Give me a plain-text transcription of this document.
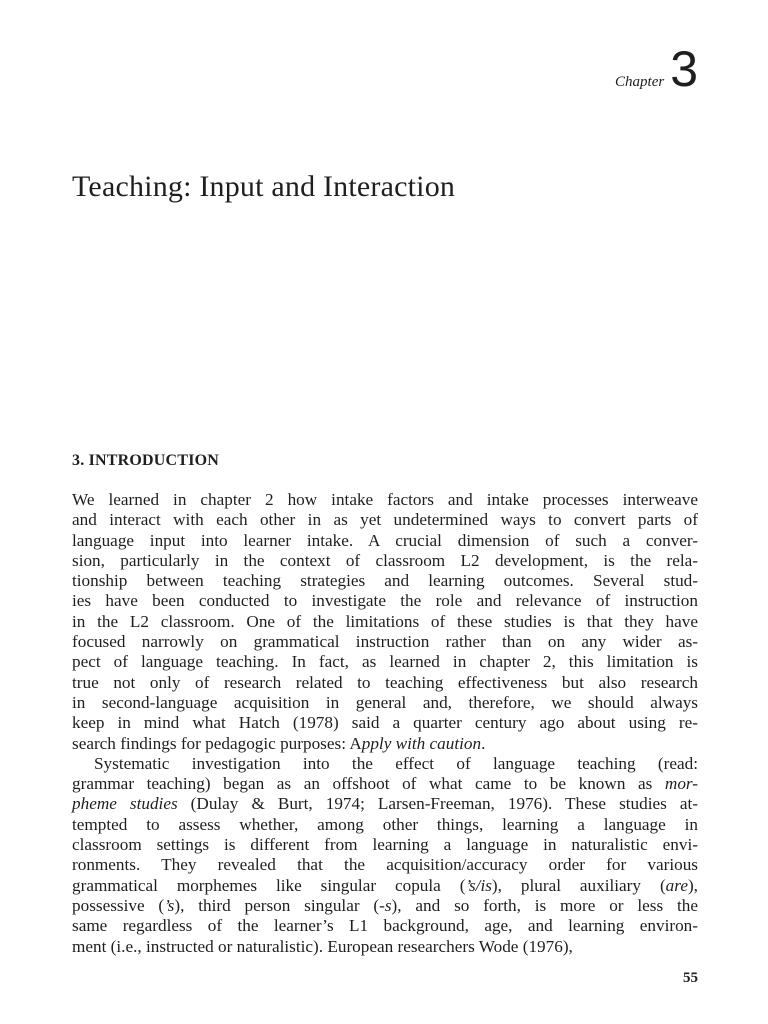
Chapter 3
Teaching: Input and Interaction
3. INTRODUCTION
We learned in chapter 2 how intake factors and intake processes interweave
and interact with each other in as yet undetermined ways to convert parts of
language input into learner intake. A crucial dimension of such a conver-
sion, particularly in the context of classroom L2 development, is the rela-
tionship between teaching strategies and learning outcomes. Several stud-
ies have been conducted to investigate the role and relevance of instruction
in the L2 classroom. One of the limitations of these studies is that they have
focused narrowly on grammatical instruction rather than on any wider as-
pect of language teaching. In fact, as learned in chapter 2, this limitation is
true not only of research related to teaching effectiveness but also research
in second-language acquisition in general and, therefore, we should always
keep in mind what Hatch (1978) said a quarter century ago about using re-
search findings for pedagogic purposes: Apply with caution.
Systematic investigation into the effect of language teaching (read:
grammar teaching) began as an offshoot of what came to be known as mor-
pheme studies (Dulay & Burt, 1974; Larsen-Freeman, 1976). These studies at-
tempted to assess whether, among other things, learning a language in
classroom settings is different from learning a language in naturalistic envi-
ronments. They revealed that the acquisition/accuracy order for various
grammatical morphemes like singular copula (’s/is), plural auxiliary (are),
possessive (’s), third person singular (-s), and so forth, is more or less the
same regardless of the learner’s L1 background, age, and learning environ-
ment (i.e., instructed or naturalistic). European researchers Wode (1976),
55
